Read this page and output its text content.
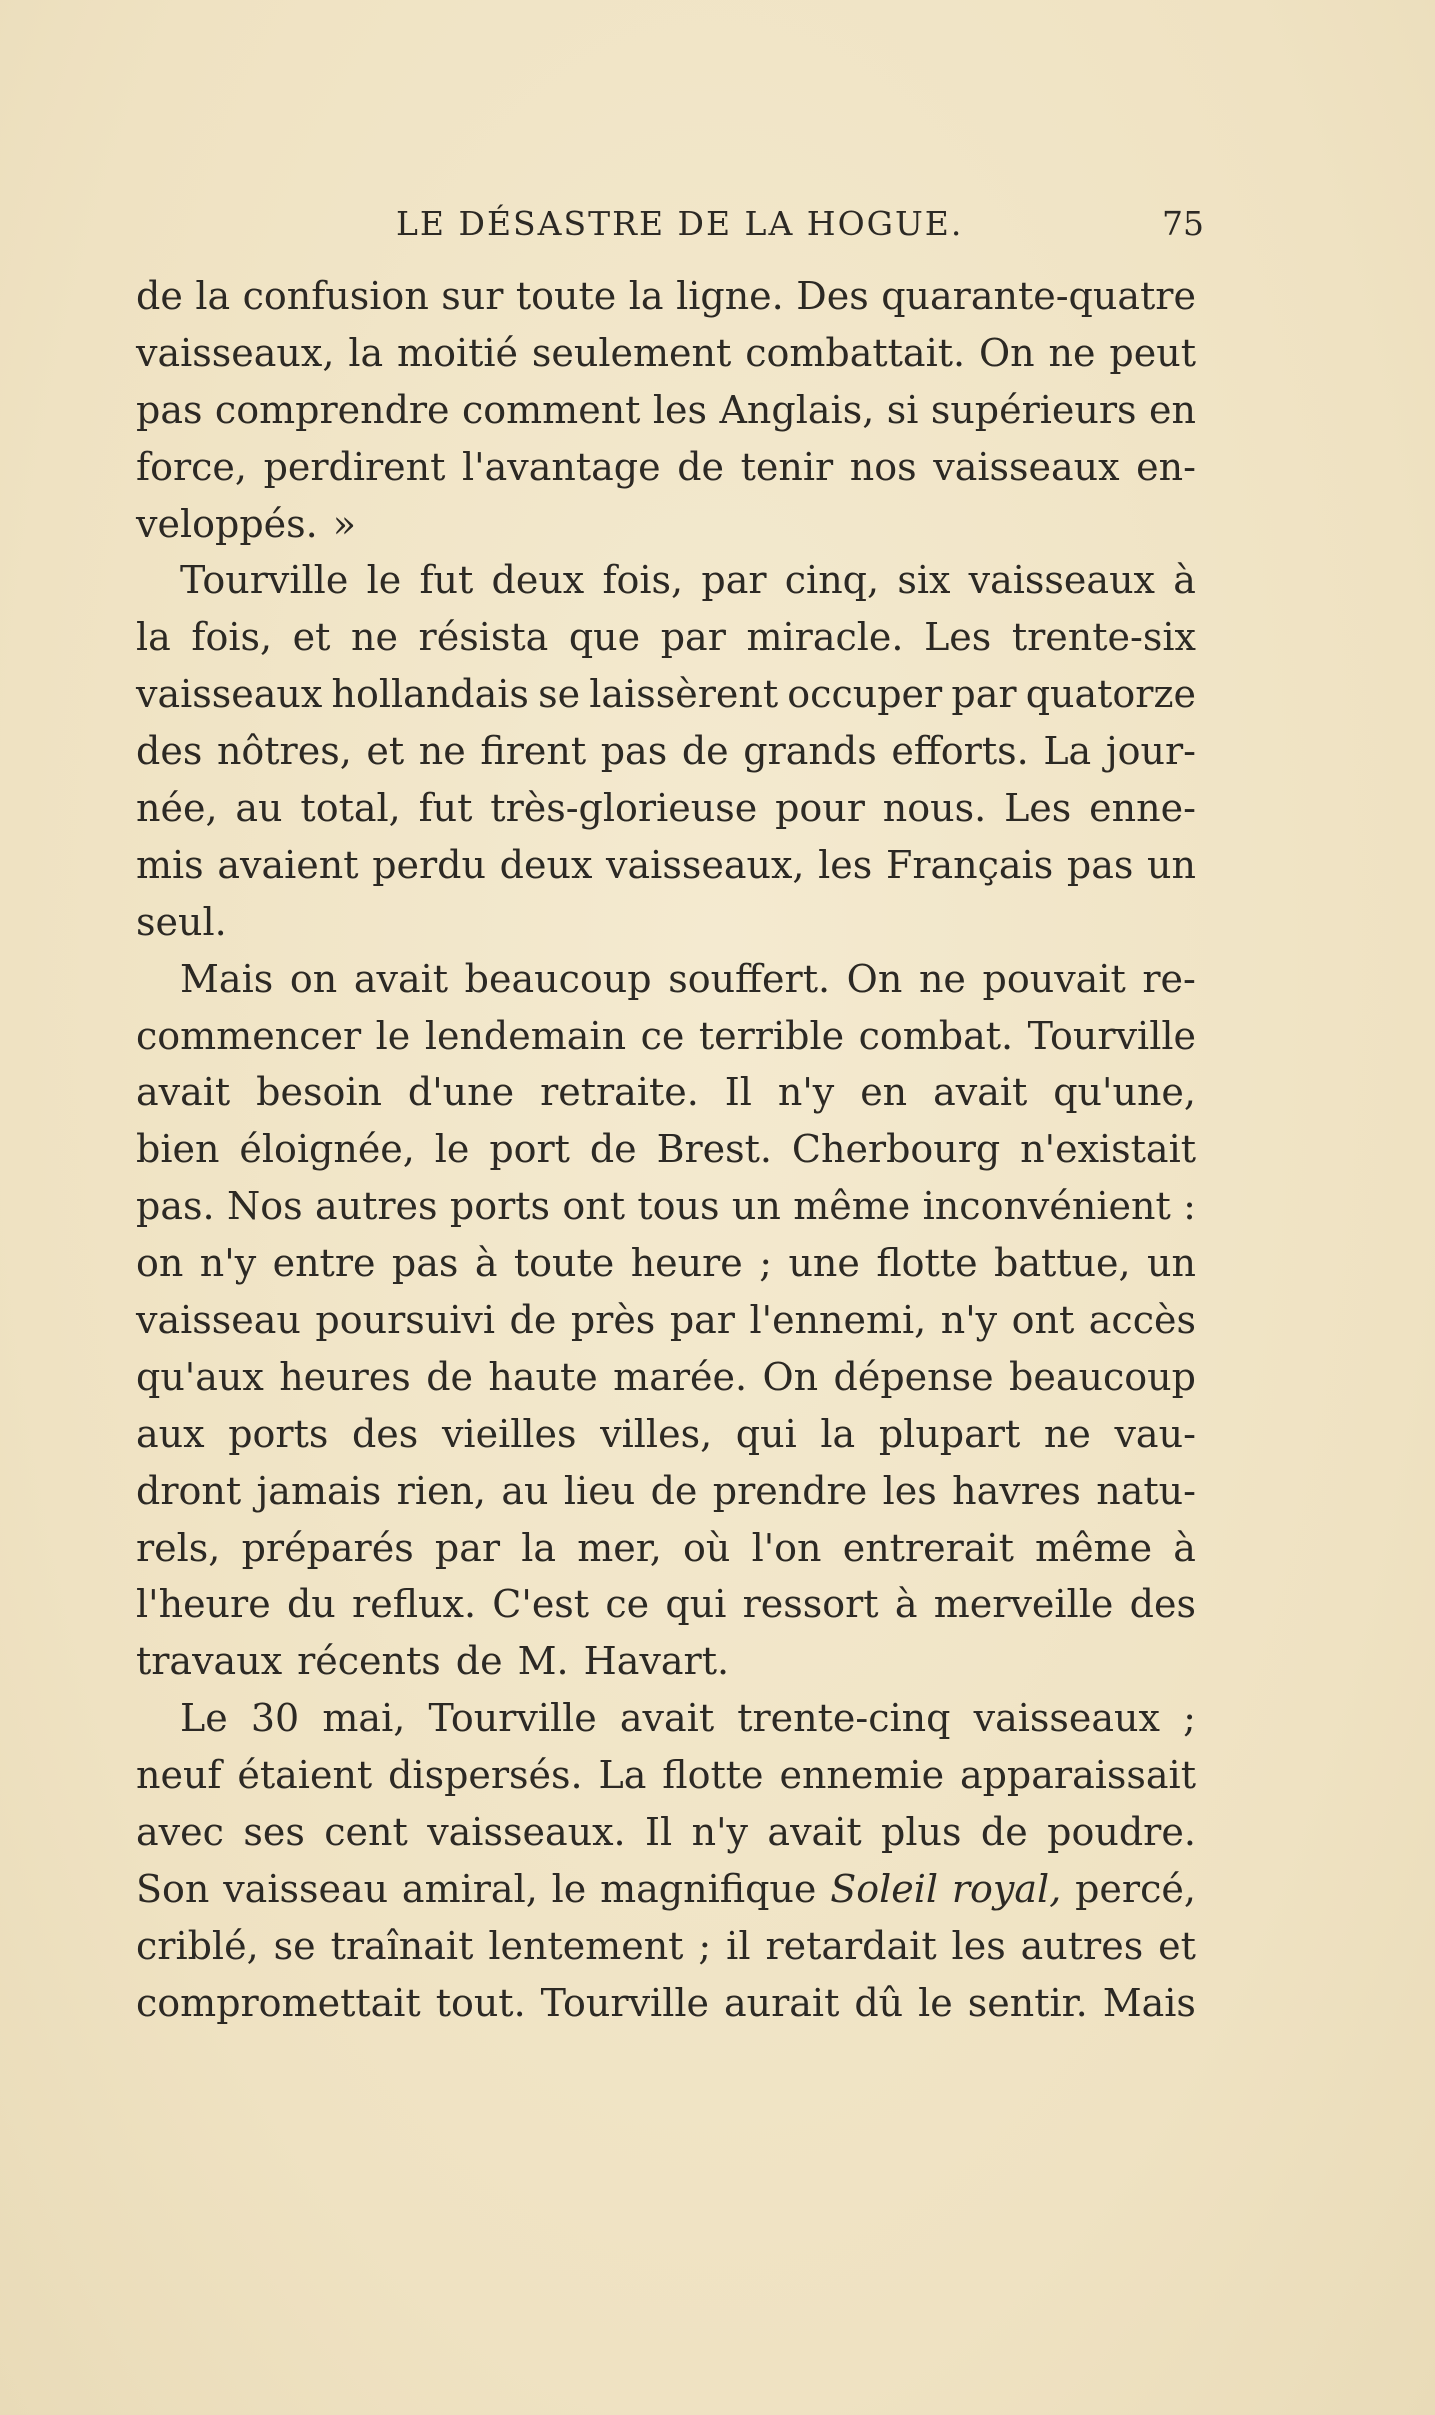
LE DÉSASTRE DE LA HOGUE.	75
de la confusion sur toute la ligne. Des quarante-quatre
vaisseaux, la moitié seulement combattait. On ne peut
pas comprendre comment les Anglais, si supérieurs en
force, perdirent l'avantage de tenir nos vaisseaux en-
veloppés. »
Tourville le fut deux fois, par cinq, six vaisseaux à
la fois, et ne résista que par miracle. Les trente-six
vaisseaux hollandais se laissèrent occuper par quatorze
des nôtres, et ne firent pas de grands efforts. La jour-
née, au total, fut très-glorieuse pour nous. Les enne-
mis avaient perdu deux vaisseaux, les Français pas un
seul.
Mais on avait beaucoup souffert. On ne pouvait re-
commencer le lendemain ce terrible combat. Tourville
avait besoin d'une retraite. Il n'y en avait qu'une,
bien éloignée, le port de Brest. Cherbourg n'existait
pas. Nos autres ports ont tous un même inconvénient :
on n'y entre pas à toute heure ; une flotte battue, un
vaisseau poursuivi de près par l'ennemi, n'y ont accès
qu'aux heures de haute marée. On dépense beaucoup
aux ports des vieilles villes, qui la plupart ne vau-
dront jamais rien, au lieu de prendre les havres natu-
rels, préparés par la mer, où l'on entrerait même à
l'heure du reflux. C'est ce qui ressort à merveille des
travaux récents de M. Havart.
Le 30 mai, Tourville avait trente-cinq vaisseaux ;
neuf étaient dispersés. La flotte ennemie apparaissait
avec ses cent vaisseaux. Il n'y avait plus de poudre.
Son vaisseau amiral, le magnifique Soleil royal, percé,
criblé, se traînait lentement ; il retardait les autres et
compromettait tout. Tourville aurait dû le sentir. Mais
